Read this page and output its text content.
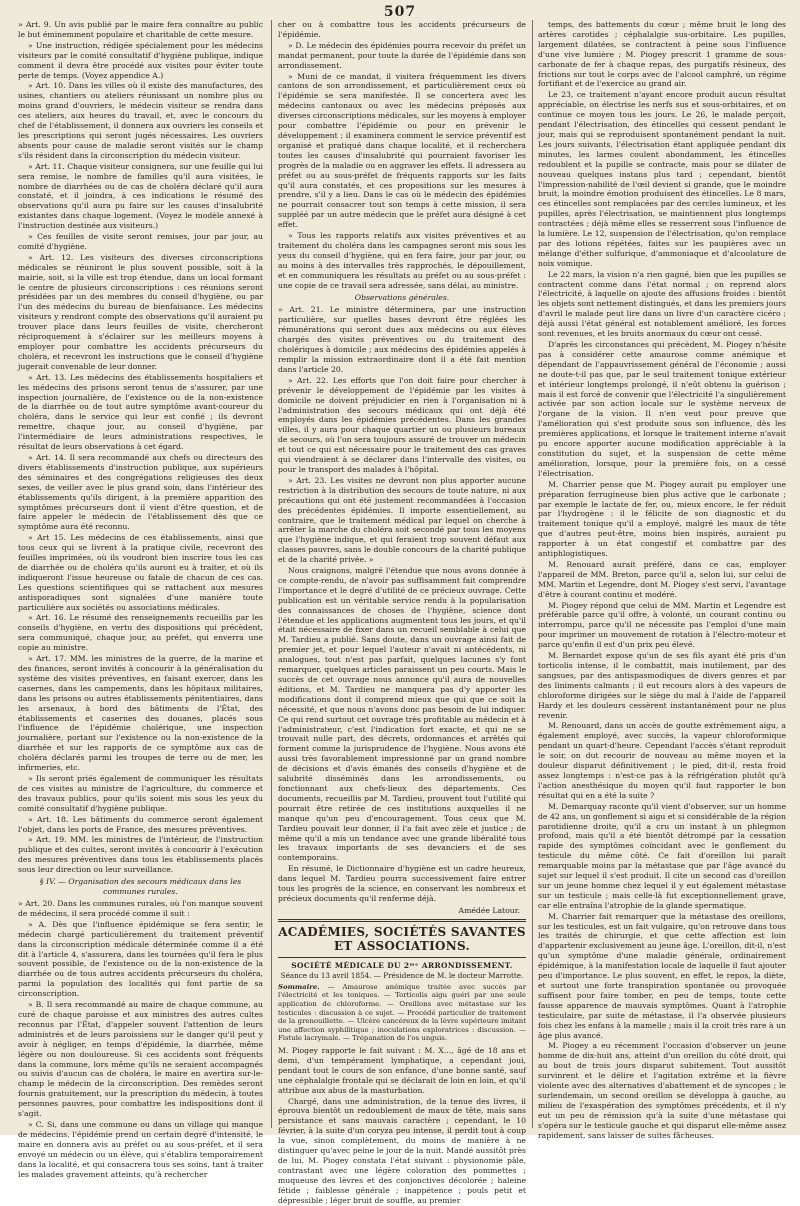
507

» Art. 9. Un avis publié par le maire fera connaître au public le but éminemment populaire et charitable de cette mesure.

» Une instruction, rédigée spécialement pour les médecins visiteurs par le comité consultatif d'hygiène publique, indique comment il devra être procédé aux visites pour éviter toute perte de temps. (Voyez appendice A.)

» Art. 10. Dans les villes où il existe des manufactures, des usines, chantiers ou ateliers réunissant un nombre plus ou moins grand d'ouvriers, le médecin visiteur se rendra dans ces ateliers, aux heures du travail, et, avec le concours du chef de l'établissement, il donnera aux ouvriers les conseils et les prescriptions qui seront jugés nécessaires. Les ouvriers absents pour cause de maladie seront visités sur le champ s'ils résident dans la circonscription du médecin visiteur.

» Art. 11. Chaque visiteur consignera, sur une feuille qui lui sera remise, le nombre de familles qu'il aura visitées, le nombre de diarrhées ou de cas de choléra déclaré qu'il aura constaté, et il joindra, à ces indications le résumé des observations qu'il aura pu faire sur les causes d'insalubrité existantes dans chaque logement. (Voyez le modèle annexé à l'instruction destinée aux visiteurs.)

» Ces feuilles de visite seront remises, jour par jour, au comité d'hygiène.

» Art. 12. Les visiteurs des diverses circonscriptions médicales se réuniront le plus souvent possible, soit à la mairie, soit, si la ville est trop étendue, dans un local formant le centre de plusieurs circonscriptions : ces réunions seront présidées par un des membres du conseil d'hygiène, ou par l'un des médecins du bureau de bienfaisance. Les médecins visiteurs y rendront compte des observations qu'il auraient pu trouver place dans leurs feuilles de visite, chercheront réciproquement à s'éclairer sur les meilleurs moyens à employer pour combattre les accidents précurseurs du choléra, et recevront les instructions que le conseil d'hygiène jugerait convenable de leur donner.

» Art. 13. Les médecins des établissements hospitaliers et les médecins des prisons seront tenus de s'assurer, par une inspection journalière, de l'existence ou de la non-existence de la diarrhée ou de tout autre symptôme avant-coureur du choléra, dans le service qui leur est confié ; ils devront remettre, chaque jour, au conseil d'hygiène, par l'intermédiaire de leurs administrations respectives, le résultat de leurs observations à cet égard.

» Art. 14. Il sera recommandé aux chefs ou directeurs des divers établissements d'instruction publique, aux supérieurs des séminaires et des congrégations religieuses des deux sexes, de veiller avec le plus grand soin, dans l'intérieur des établissements qu'ils dirigent, à la première apparition des symptômes précurseurs dont il vient d'être question, et de faire appeler le médecin de l'établissement dès que ce symptôme aura été reconnu.

» Art 15. Les médecins de ces établissements, ainsi que tous ceux qui se livrent à la pratique civile, recevront des feuilles imprimées, où ils voudront bien inscrire tous les cas de diarrhée ou de choléra qu'ils auront eu à traiter, et où ils indiqueront l'issue heureuse ou fatale de chacun de ces cas. Les questions scientifiques qui se rattachent aux mesures antisporadiques sont signalées d'une manière toute particulière aux sociétés ou associations médicales.

» Art. 16. Le résumé des renseignements recueillis par les conseils d'hygiène, en vertu des dispositions qui précèdent, sera communiqué, chaque jour, au préfet, qui enverra une copie au ministre.

» Art. 17. MM. les ministres de la guerre, de la marine et des finances, seront invités à concourir à la généralisation du système des visites préventives, en faisant exercer, dans les casernes, dans les campements, dans les hôpitaux militaires, dans les prisons ou autres établissements pénitentiaires, dans les arsenaux, à bord des bâtiments de l'État, des établissements et casernes des douanes, placés sous l'influence de l'épidémie cholérique, une inspection journalière, portant sur l'existence ou la non-existence de la diarrhée et sur les rapports de ce symptôme aux cas de choléra déclarés parmi les troupes de terre ou de mer, les infirmeries, etc.

» Ils seront priés également de communiquer les résultats de ces visites au ministre de l'agriculture, du commerce et des travaux publics, pour qu'ils soient mis sous les yeux du comité consultatif d'hygiène publique.

» Art. 18. Les bâtiments du commerce seront également l'objet, dans les ports de France, des mesures préventives.

» Art. 19. MM. les ministres de l'intérieur, de l'instruction publique et des cultes, seront invités à concourir à l'exécution des mesures préventives dans tous les établissements placés sous leur direction ou leur surveillance.

§ IV. — Organisation des secours médicaux dans les communes rurales.

» Art. 20. Dans les communes rurales, où l'on manque souvent de médecins, il sera procédé comme il suit :

» A. Dès que l'influence épidémique se fera sentir, le médecin chargé particulièrement du traitement préventif dans la circonscription médicale déterminée comme il a été dit à l'article 4, s'assurera, dans les tournées qu'il fera le plus souvent possible, de l'existence ou de la non-existence de la diarrhée ou de tous autres accidents précurseurs du choléra, parmi la population des localités qui font partie de sa circonscription.

» B. Il sera recommandé au maire de chaque commune, au curé de chaque paroisse et aux ministres des autres cultes reconnus par l'État, d'appeler souvent l'attention de leurs administrés et de leurs paroissiens sur le danger qu'il peut y avoir à négliger, en temps d'épidémie, la diarrhée, même légère ou non douloureuse. Si ces accidents sont fréquents dans la commune, lors même qu'ils ne seraient accompagnés ou suivis d'aucun cas de choléra, le maire en avertira sur-le-champ le médecin de la circonscription. Des remèdes seront fournis gratuitement, sur la prescription du médecin, à toutes personnes pauvres, pour combattre les indispositions dont il s'agit.

» C. Si, dans une commune ou dans un village qui manque de médecins, l'épidémie prend un certain degré d'intensité, le maire en donnera avis au préfet ou au sous-préfet, et il sera envoyé un médecin ou un élève, qui s'établira temporairement dans la localité, et qui consacrera tous ses soins, tant à traiter les malades gravement atteints, qu'à rechercher

cher ou à combattre tous les accidents précurseurs de l'épidémie.

» D. Le médecin des épidémies pourra recevoir du préfet un mandat permanent, pour toute la durée de l'épidémie dans son arrondissement.

» Muni de ce mandat, il visitera fréquemment les divers cantons de son arrondissement, et particulièrement ceux où l'épidémie se sera manifestée. Il se concertera avec les médecins cantonaux ou avec les médecins préposés aux diverses circonscriptions médicales, sur les moyens à employer pour combattre l'épidémie ou pour en prévenir le développement ; il examinera comment le service préventif est organisé et pratiqué dans chaque localité, et il recherchera toutes les causes d'insalubrité qui pourraient favoriser les progrès de la maladie ou en aggraver les effets. Il adressera au préfet ou au sous-préfet de fréquents rapports sur les faits qu'il aura constatés, et ces propositions sur les mesures à prendre, s'il y a lieu. Dans le cas où le médecin des épidémies ne pourrait consacrer tout son temps à cette mission, il sera suppléé par un autre médecin que le préfet aura désigné à cet effet.

» Tous les rapports relatifs aux visites préventives et au traitement du choléra dans les campagnes seront mis sous les yeux du conseil d'hygiène, qui en fera faire, jour par jour, ou au moins à des intervalles très rapprochés, le dépouillement, et en communiquera les résultats au préfet ou au sous-préfet : une copie de ce travail sera adressée, sans délai, au ministre.

Observations générales.

» Art. 21. Le ministre déterminera, par une instruction particulière, sur quelles bases devront être réglées les rémunérations qui seront dues aux médecins ou aux élèves chargés des visites préventives ou du traitement des cholériques à domicile ; aux médecins des épidémies appelés à remplir la mission extraordinaire dont il a été fait mention dans l'article 20.

» Art. 22. Les efforts que l'on doit faire pour chercher à prévenir le développement de l'épidémie par les visites à domicile ne doivent préjudicier en rien à l'organisation ni à l'administration des secours médicaux qui ont déjà été employés dans les épidémies précédentes. Dans les grandes villes, il y aura pour chaque quartier un ou plusieurs bureaux de secours, où l'on sera toujours assuré de trouver un médecin et tout ce qui est nécessaire pour le traitement des cas graves qui viendraient à se déclarer dans l'intervalle des visites, ou pour le transport des malades à l'hôpital.

» Art. 23. Les visites ne devront non plus apporter aucune restriction à la distribution des secours de toute nature, ni aux précautions qui ont été justement recommandées à l'occasion des précédentes épidémies. Il importe essentiellement, au contraire, que le traitement médical par lequel on cherche à arrêter la marche du choléra soit secondé par tous les moyens que l'hygiène indique, et qui feraient trop souvent défaut aux classes pauvres, sans le double concours de la charité publique et de la charité privée. »

Nous craignons, malgré l'étendue que nous avons donnée à ce compte-rendu, de n'avoir pas suffisamment fait comprendre l'importance et le degré d'utilité de ce précieux ouvrage. Cette publication est un véritable service rendu à la popularisation des connaissances de choses de l'hygiène, science dont l'étendue et les applications augmentent tous les jours, et qu'il était nécessaire de fixer dans un recueil semblable à celui que M. Tardieu a publié. Sans doute, dans un ouvrage ainsi fait de premier jet, et pour lequel l'auteur n'avait ni antécédents, ni analogues, tout n'est pas parfait, quelques lacunes s'y font remarquer, quelques articles paraissent un peu courts. Mais le succès de cet ouvrage nous annonce qu'il aura de nouvelles éditions, et M. Tardieu ne manquera pas d'y apporter les modifications dont il comprend mieux que qui que ce soit la nécessité, et que nous n'avons donc pas besoin de lui indiquer. Ce qui rend surtout cet ouvrage très profitable au médecin et à l'administrateur, c'est l'indication fort exacte, et qui ne se trouvait nulle part, des décrets, ordonnances et arrêtés qui forment comme la jurisprudence de l'hygiène. Nous avons été aussi très favorablement impressionné par un grand nombre de décisions et d'avis émanés des conseils d'hygiène et de salubrité disséminés dans les arrondissements, ou fonctionnant aux chefs-lieux des départements. Ces documents, recueillis par M. Tardieu, prouvent tout l'utilité qui pourrait être retirée de ces institutions auxquelles il ne manque qu'un peu d'encouragement. Tous ceux que M. Tardieu pouvait leur donner, il l'a fait avec zèle et justice ; de même qu'il a mis un tendance avec une grande libéralité tous les travaux importants de ses devanciers et de ses contemporains.

En résumé, le Dictionnaire d'hygiène est un cadre heureux, dans lequel M. Tardieu pourra successivement faire entrer tous les progrès de la science, en conservant les nombreux et précieux documents qu'il renferme déjà.

Amédée Latour.
ACADÉMIES, SOCIÉTÉS SAVANTES ET ASSOCIATIONS.
SOCIÉTÉ MÉDICALE DU 2ᵐᵉ ARRONDISSEMENT.
Séance du 13 avril 1854. — Présidence de M. le docteur Marrotte.

Sommaire. — Amaurose anémique traitée avec succès par l'électricité et les toniques. — Torticolis aigu guéri par une seule application de chloroforme. — Oreillons avec métastase sur les testicules : discussion à ce sujet. — Procédé particulier de traitement de la grenouillette. — Ulcère cancéreux de la lèvre supérieure imitant une affection syphilitique ; inoculations exploratrices : discussion. — Fistule lacrymale. — Trépanation de l'os unguis.

M. Piogey rapporte le fait suivant : M. X..., âgé de 18 ans et demi, d'un tempérament lymphatique, a cependant joui, pendant tout le cours de son enfance, d'une bonne santé, sauf une céphalalgie frontale qui se déclarait de loin en loin, et qu'il attribue aux abus de la masturbation.

Chargé, dans une administration, de la tenue des livres, il éprouva bientôt un redoublement de maux de tête, mais sans persistance et sans mauvais caractère ; cependant, le 10 février, à la suite d'un coryza peu intense, il perdit tout à coup la vue, sinon complètement, du moins de manière à ne distinguer qu'avec peine le jour de la nuit. Mandé aussitôt près de lui, M. Piogey constata l'état suivant : physionomie pâle, contrastant avec une légère coloration des pommettes ; muqueuse des lèvres et des conjonctives décolorée ; haleine fétide ; faiblesse générale ; inappétence ; pouls petit et dépressible ; léger bruit de souffle, au premier

temps, des battements du cœur ; même bruit le long des artères carotides ; céphalalgie sus-orbitaire. Les pupilles, largement dilatées, se contractent à peine sous l'influence d'une vive lumière ; M. Piogey prescrit 1 gramme de sous-carbonate de fer à chaque repas, des purgatifs résineux, des frictions sur tout le corps avec de l'alcool camphré, un régime fortifiant et de l'exercice au grand air.

Le 23, ce traitement n'ayant encore produit aucun résultat appréciable, on électrise les nerfs sus et sous-orbitaires, et on continue ce moyen tous les jours. Le 26, le malade perçoit, pendant l'électrisation, des étincelles qui cessent pendant le jour, mais qui se reproduisent spontanément pendant la nuit. Les jours suivants, l'électrisation étant appliquée pendant dix minutes, les larmes coulent abondamment, les étincelles redoublent et la pupille se contracte, mais pour se dilater de nouveau quelques instans plus tard ; cependant, bientôt l'impression-nabilité de l'œil devient si grande, que le moindre bruit, la moindre émotion produisent des étincelles. Le 8 mars, ces étincelles sont remplacées par des cercles lumineux, et les pupilles, après l'électrisation, se maintiennent plus longtemps contractées ; déjà même elles se resserrent sous l'influence de la lumière. Le 12, suspension de l'électrisation, qu'on remplace par des lotions répétées, faites sur les paupières avec un mélange d'éther sulfurique, d'ammoniaque et d'alcoolature de noix vomique.

Le 22 mars, la vision n'a rien gagné, bien que les pupilles se contractent comme dans l'état normal ; on reprend alors l'électricité, à laquelle on ajoute des affusions froides : bientôt les objets sont nettement distingués, et dans les premiers jours d'avril le malade peut lire dans un livre d'un caractère cicéro ; déjà aussi l'état général est notablement amélioré, les forces sont revenues, et les bruits anormaux du cœur ont cessé.

D'après les circonstances qui précèdent, M. Piogey n'hésite pas à considérer cette amaurose comme anémique et dépendant de l'appauvrissement général de l'économie ; aussi ne doute-t-il pas que, par le seul traitement tonique extérieur et intérieur longtemps prolongé, il n'eût obtenu la guérison ; mais il est forcé de convenir que l'électricité l'a singulièrement activée par son action locale sur le système nerveux de l'organe de la vision. Il n'en veut pour preuve que l'amélioration qui s'est produite sous son influence, dès les premières applications, et lorsque le traitement interne n'avait pu encore apporter aucune modification appréciable à la constitution du sujet, et la suspension de cette même amélioration, lorsque, pour la première fois, on a cessé l'électrisation.

M. Charrier pense que M. Piogey aurait pu employer une préparation ferrugineuse bien plus active que le carbonate ; par exemple le lactate de fer, ou, mieux encore, le fer réduit par l'hydrogène : il le félicite de son diagnostic et du traitement tonique qu'il a employé, malgré les maux de tête que d'autres peut-être, moins bien inspirés, auraient pu rapporter à un état congestif et combattre par des antiphlogistiques.

M. Renouard aurait préféré, dans ce cas, employer l'appareil de MM. Breton, parce qu'il a, selon lui, sur celui de MM. Martin et Legendre, dont M. Piogey s'est servi, l'avantage d'être à courant continu et modéré.

M. Piogey répond que celui de MM. Martin et Legendre est préférable parce qu'il offre, à volonté, un courant continu ou interrompu, parce qu'il ne nécessite pas l'emploi d'une main pour imprimer un mouvement de rotation à l'électro-moteur et parce qu'enfin il est d'un prix peu élevé.

M. Bernardet expose qu'un de ses fils ayant été pris d'un torticolis intense, il le combattit, mais inutilement, par des sangsues, par des antispasmodiques de divers genres et par des liniments calmants ; il eut recours alors à des vapeurs de chloroforme dirigées sur le siège du mal à l'aide de l'appareil Hardy et les douleurs cessèrent instantanément pour ne plus revenir.

M. Renouard, dans un accès de goutte extrêmement aigu, a également employé, avec succès, la vapeur chloroformique pendant un quart-d'heure. Cependant l'accès s'étant reproduit le soir, on dut recourir de nouveau au même moyen et la douleur disparut définitivement ; le pied, dit-il, resta froid assez longtemps : n'est-ce pas à la réfrigération plutôt qu'à l'action anesthésique du moyen qu'il faut rapporter le bon résultat qui en a été la suite ?

M. Demarquay raconte qu'il vient d'observer, sur un homme de 42 ans, un gonflement si aigu et si considérable de la région parotidienne droite, qu'il a cru un instant à un phlegmon profond, mais qu'il a été bientôt détrompé par la cessation rapide des symptômes coïncidant avec le gonflement du testicule du même côté. Ce fait d'oreillon lui paraît remarquable moins par la métastase que par l'âge avancé du sujet sur lequel il s'est produit. Il cite un second cas d'oreillon sur un jeune homme chez lequel il y eut également métastase sur un testicule ; mais celle-là fut exceptionnellement grave, car elle entraîna l'atrophie de la glande spermatique.

M. Charrier fait remarquer que la métastase des oreillons, sur les testicules, est un fait vulgaire, qu'on retrouve dans tous les traités de chirurgie, et que cette affection est loin d'appartenir exclusivement au jeune âge. L'oreillon, dit-il, n'est qu'un symptôme d'une maladie générale, ordinairement épidémique, à la manifestation locale de laquelle il faut ajouter peu d'importance. Le plus souvent, en effet, le repos, la diète, et surtout une forte transpiration spontanée ou provoquée suffisent pour faire tomber, en peu de temps, toute cette fausse apparence de mauvais symptômes. Quant à l'atrophie testiculaire, par suite de métastase, il l'a observée plusieurs fois chez les enfans à la mamelle ; mais il la croit très rare à un âge plus avancé.

M. Piogey a eu récemment l'occasion d'observer un jeune homme de dix-huit ans, atteint d'un oreillon du côté droit, qui au bout de trois jours disparut subitement. Tout aussitôt survinrent et le délire et l'agitation extrême et la fièvre violente avec des alternatives d'abattement et de syncopes ; le surlendemain, un second oreillon se développa à gauche, au milieu de l'exaspération des symptômes précédents, et il n'y eut un peu de rémission qu'à la suite d'une métastase qui s'opéra sur le testicule gauche et qui disparut elle-même assez rapidement, sans laisser de suites fâcheuses.
